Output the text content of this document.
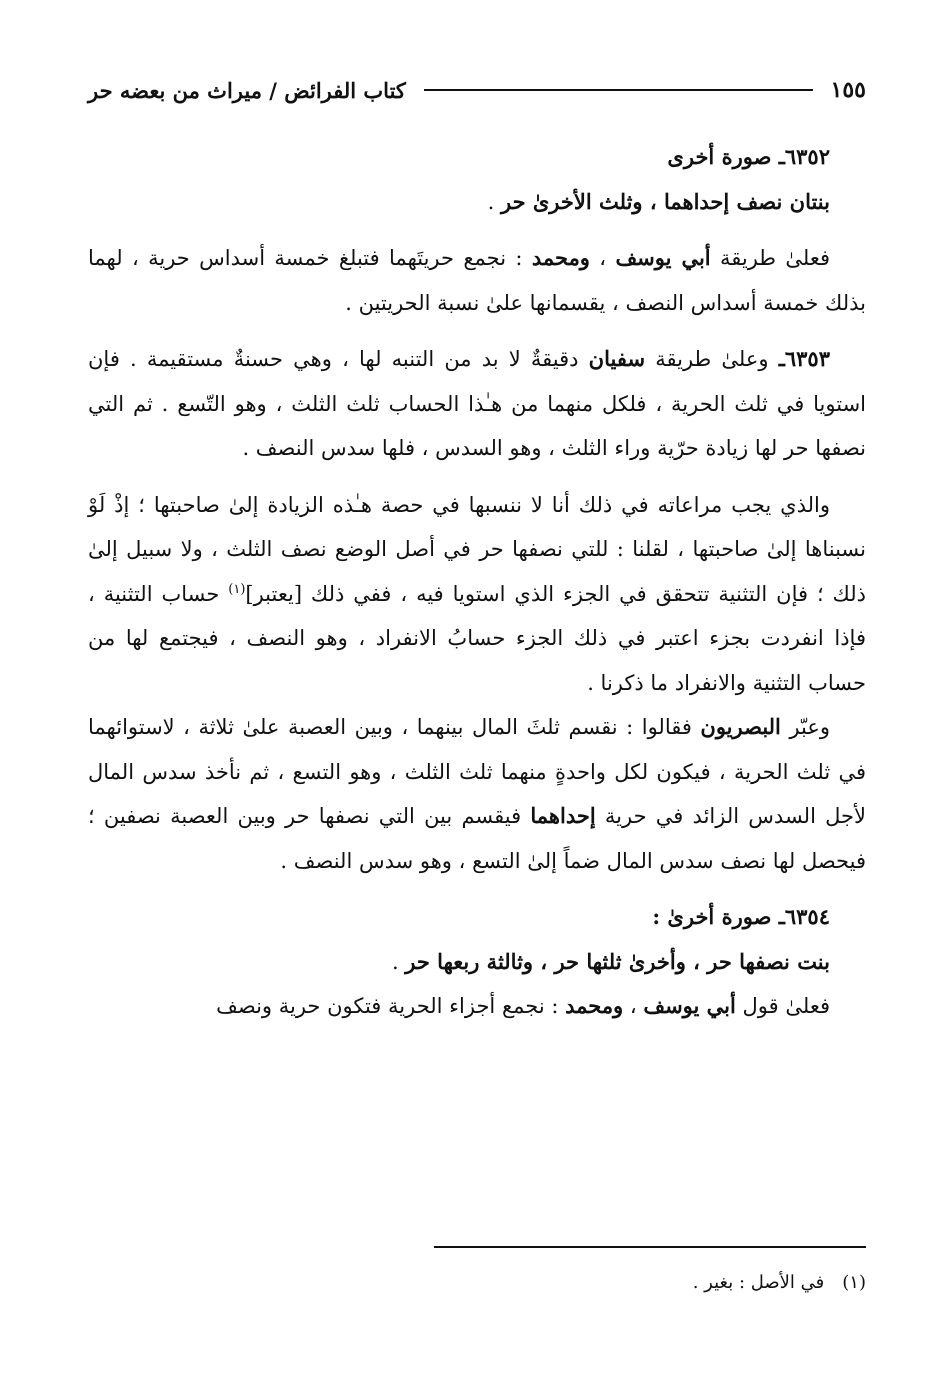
كتاب الفرائض / ميراث من بعضه حر	١٥٥

٦٣٥٢ـ صورة أخرى

بنتان نصف إحداهما ، وثلث الأخرىٰ حر .

فعلىٰ طريقة أبي يوسف ، ومحمد : نجمع حريتَهما فتبلغ خمسة أسداس حرية ، لهما بذلك خمسة أسداس النصف ، يقسمانها علىٰ نسبة الحريتين .

٦٣٥٣ـ وعلىٰ طريقة سفيان دقيقةٌ لا بد من التنبه لها ، وهي حسنةٌ مستقيمة . فإن استويا في ثلث الحرية ، فلكل منهما من هـٰذا الحساب ثلث الثلث ، وهو التّسع . ثم التي نصفها حر لها زيادة حرّية وراء الثلث ، وهو السدس ، فلها سدس النصف .

والذي يجب مراعاته في ذلك أنا لا ننسبها في حصة هـٰذه الزيادة إلىٰ صاحبتها ؛ إذْ لَوْ نسبناها إلىٰ صاحبتها ، لقلنا : للتي نصفها حر في أصل الوضع نصف الثلث ، ولا سبيل إلىٰ ذلك ؛ فإن التثنية تتحقق في الجزء الذي استويا فيه ، ففي ذلك [يعتبر]$^{(١)}$ حساب التثنية ، فإذا انفردت بجزء اعتبر في ذلك الجزء حسابُ الانفراد ، وهو النصف ، فيجتمع لها من حساب التثنية والانفراد ما ذكرنا .

وعبّر البصريون فقالوا : نقسم ثلثَ المال بينهما ، وبين العصبة علىٰ ثلاثة ، لاستوائهما في ثلث الحرية ، فيكون لكل واحدةٍ منهما ثلث الثلث ، وهو التسع ، ثم نأخذ سدس المال لأجل السدس الزائد في حرية إحداهما فيقسم بين التي نصفها حر وبين العصبة نصفين ؛ فيحصل لها نصف سدس المال ضماً إلىٰ التسع ، وهو سدس النصف .

٦٣٥٤ـ صورة أخرىٰ :

بنت نصفها حر ، وأخرىٰ ثلثها حر ، وثالثة ربعها حر .

فعلىٰ قول أبي يوسف ، ومحمد : نجمع أجزاء الحرية فتكون حرية ونصف

(١)في الأصل : بغير .
